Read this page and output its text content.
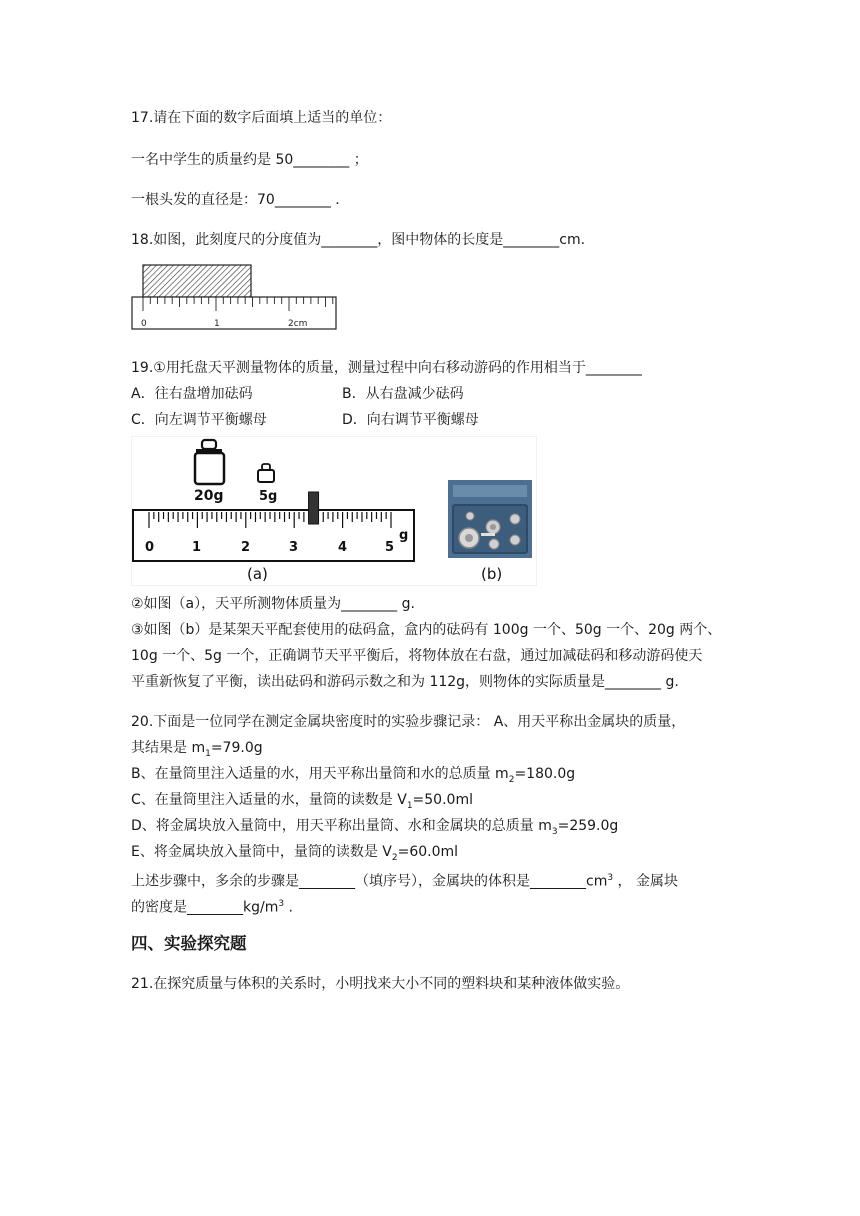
17.请在下面的数字后面填上适当的单位：
一名中学生的质量约是 50________ ；
一根头发的直径是：70________ .
18.如图，此刻度尺的分度值为________，图中物体的长度是________cm.
0	1	2cm
19.①用托盘天平测量物体的质量，测量过程中向右移动游码的作用相当于________
A．往右盘增加砝码	B．从右盘减少砝码
C．向左调节平衡螺母	D．向右调节平衡螺母
20g	5g
0	1	2	3	4	5
g
(a)	(b)
②如图（a），天平所测物体质量为________ g.
③如图（b）是某架天平配套使用的砝码盒，盒内的砝码有 100g 一个、50g 一个、20g 两个、
10g 一个、5g 一个，正确调节天平平衡后，将物体放在右盘，通过加减砝码和移动游码使天
平重新恢复了平衡，读出砝码和游码示数之和为 112g，则物体的实际质量是________ g.
20.下面是一位同学在测定金属块密度时的实验步骤记录： A、用天平称出金属块的质量，
其结果是 $m_1=79.0g$
B、在量筒里注入适量的水，用天平称出量筒和水的总质量 $m_2=180.0g$
C、在量筒里注入适量的水，量筒的读数是 $V_1=50.0ml$
D、将金属块放入量筒中，用天平称出量筒、水和金属块的总质量 $m_3=259.0g$
E、将金属块放入量筒中，量筒的读数是 $V_2=60.0ml$
上述步骤中，多余的步骤是________（填序号），金属块的体积是$\_\_\_\_\_\_\_\_cm^3$ ， 金属块
的密度是$\_\_\_\_\_\_\_\_kg/m^3$ .
四、实验探究题
21.在探究质量与体积的关系时，小明找来大小不同的塑料块和某种液体做实验。
